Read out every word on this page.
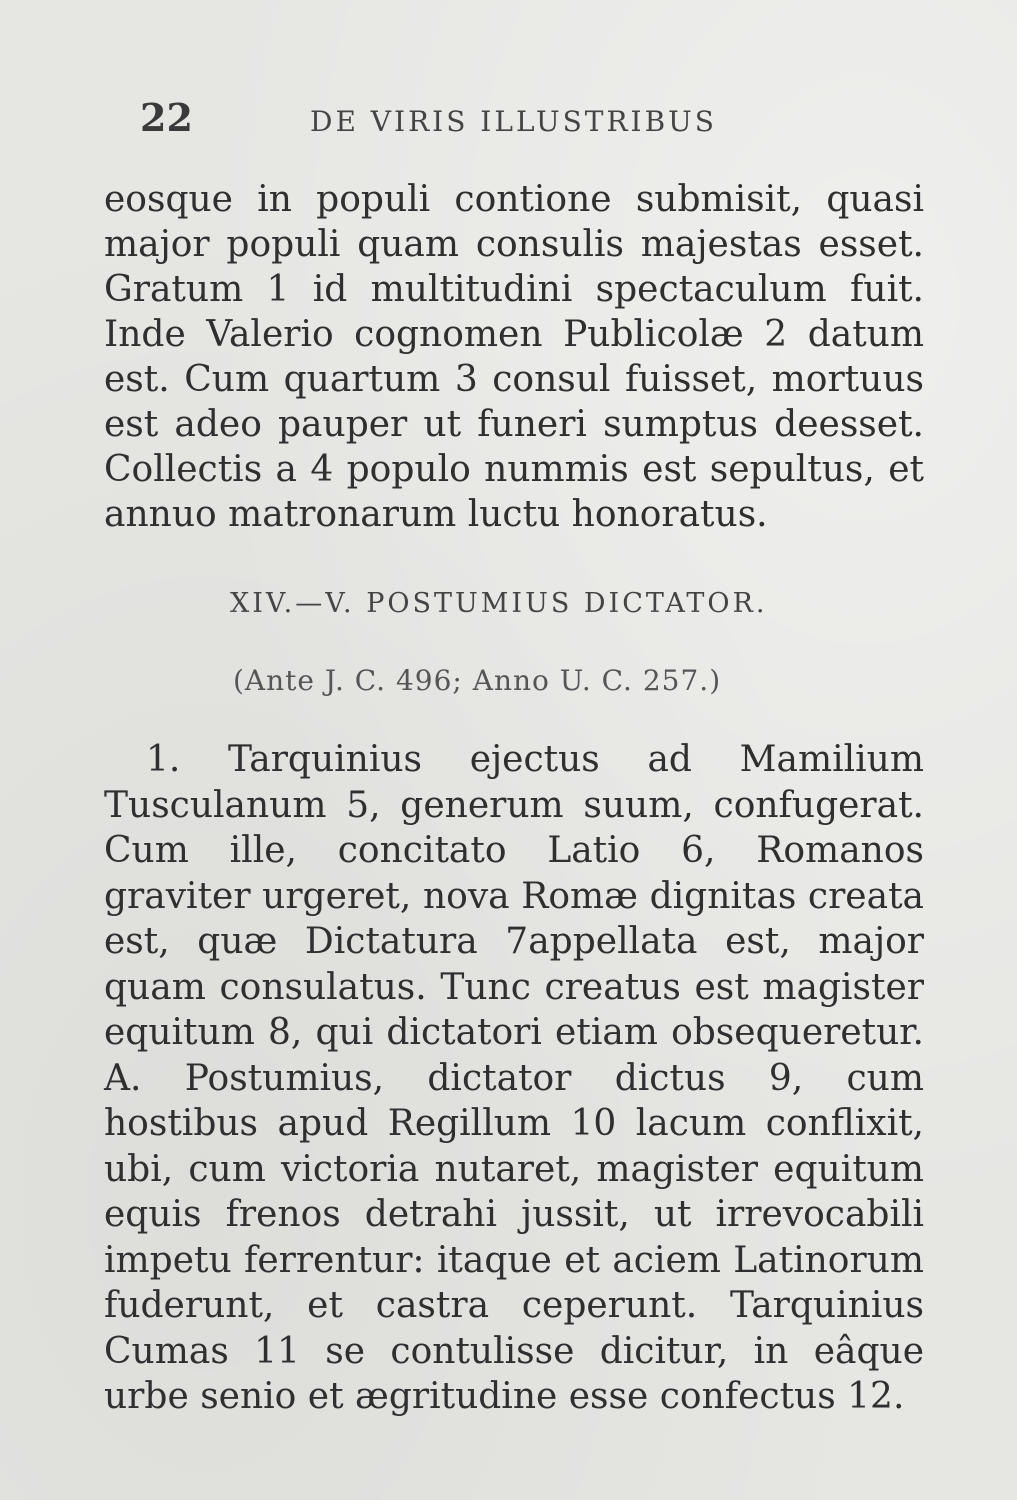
22	DE VIRIS ILLUSTRIBUS

eosque in populi contione submisit, quasi major populi quam consulis majestas esset. Gratum 1 id multitudini spectaculum fuit. Inde Valerio cognomen Publicolæ 2 datum est. Cum quartum 3 consul fuisset, mortuus est adeo pauper ut funeri sumptus deesset. Collectis a 4 populo nummis est sepultus, et annuo matronarum luctu honoratus.

XIV.—V. POSTUMIUS DICTATOR.
(Ante J. C. 496; Anno U. C. 257.)

1. Tarquinius ejectus ad Mamilium Tusculanum 5, generum suum, confugerat. Cum ille, concitato Latio 6, Romanos graviter urgeret, nova Romæ dignitas creata est, quæ Dictatura 7appellata est, major quam consulatus. Tunc creatus est magister equitum 8, qui dictatori etiam obsequeretur. A. Postumius, dictator dictus 9, cum hostibus apud Regillum 10 lacum conflixit, ubi, cum victoria nutaret, magister equitum equis frenos detrahi jussit, ut irrevocabili impetu ferrentur: itaque et aciem Latinorum fuderunt, et castra ceperunt. Tarquinius Cumas 11 se contulisse dicitur, in eâque urbe senio et ægritudine esse confectus 12.
